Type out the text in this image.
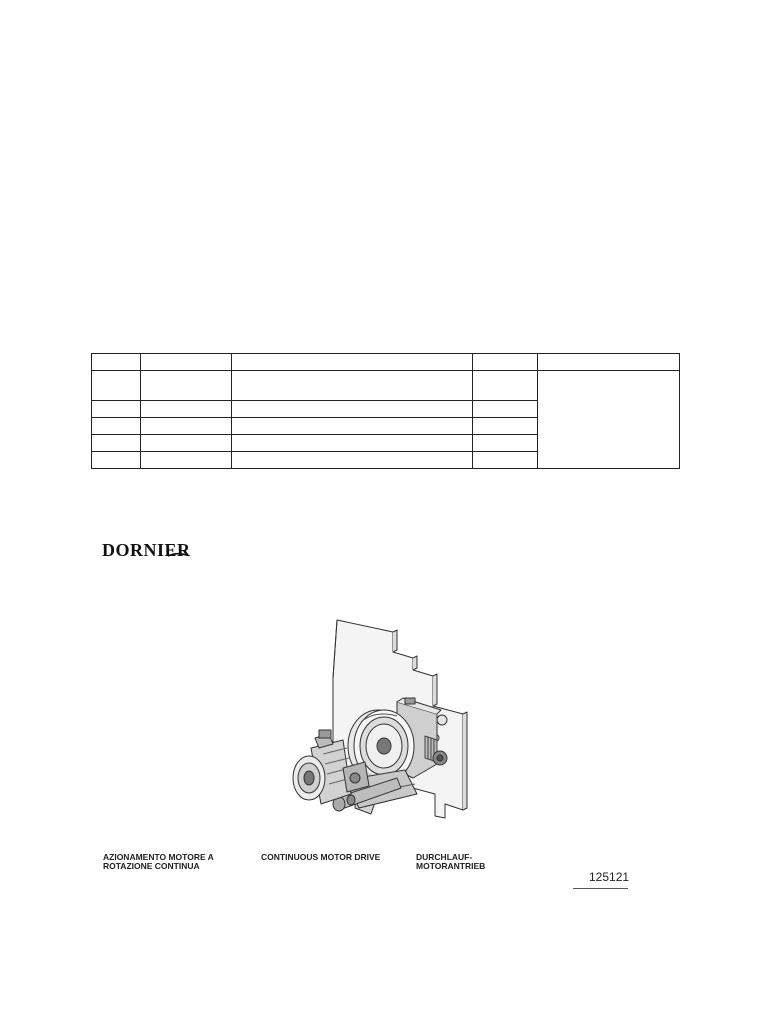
DORNIER
AZIONAMENTO MOTORE A ROTAZIONE CONTINUA
CONTINUOUS MOTOR DRIVE	DURCHLAUF-MOTORANTRIEB
125121
